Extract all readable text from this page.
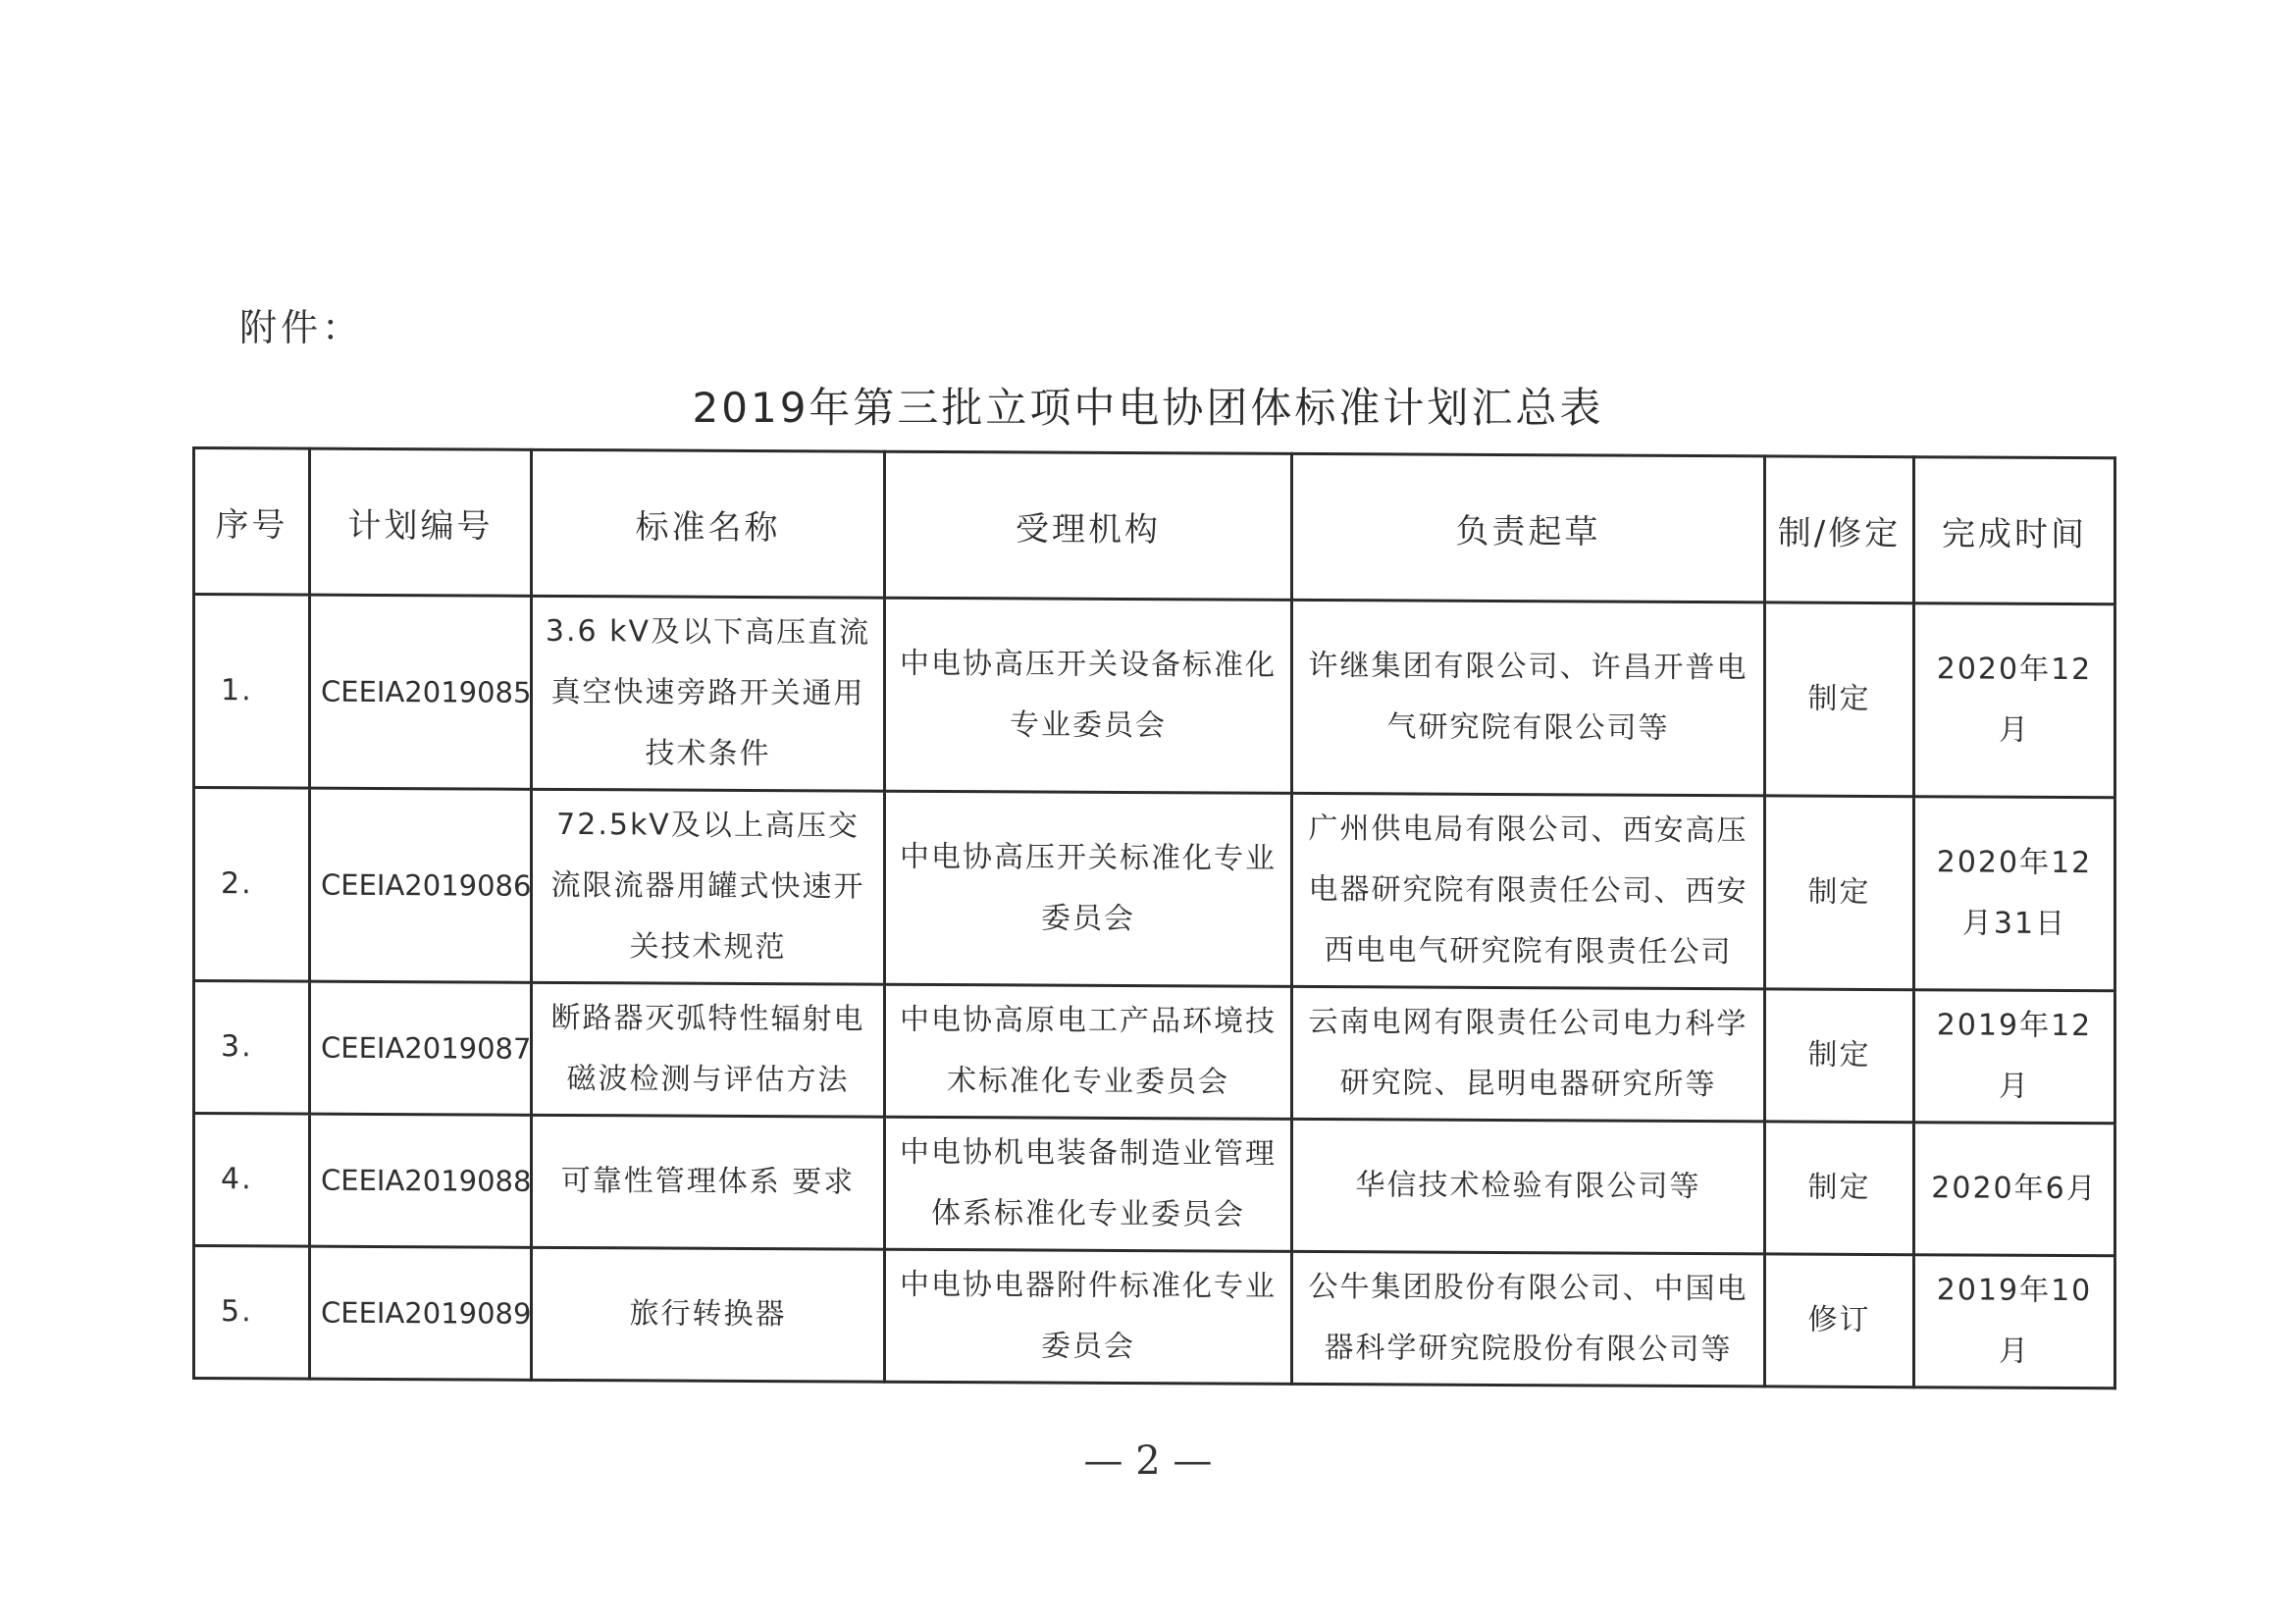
附件：
2019年第三批立项中电协团体标准计划汇总表
序号	计划编号	标准名称	受理机构	负责起草	制/修定	完成时间
1.	CEEIA2019085	3.6 kV及以下高压直流真空快速旁路开关通用技术条件	中电协高压开关设备标准化专业委员会	许继集团有限公司、许昌开普电气研究院有限公司等	制定	2020年12月
2.	CEEIA2019086	72.5kV及以上高压交流限流器用罐式快速开关技术规范	中电协高压开关标准化专业委员会	广州供电局有限公司、西安高压电器研究院有限责任公司、西安西电电气研究院有限责任公司	制定	2020年12月31日
3.	CEEIA2019087	断路器灭弧特性辐射电磁波检测与评估方法	中电协高原电工产品环境技术标准化专业委员会	云南电网有限责任公司电力科学研究院、昆明电器研究所等	制定	2019年12月
4.	CEEIA2019088	可靠性管理体系 要求	中电协机电装备制造业管理体系标准化专业委员会	华信技术检验有限公司等	制定	2020年6月
5.	CEEIA2019089	旅行转换器	中电协电器附件标准化专业委员会	公牛集团股份有限公司、中国电器科学研究院股份有限公司等	修订	2019年10月
— 2 —
